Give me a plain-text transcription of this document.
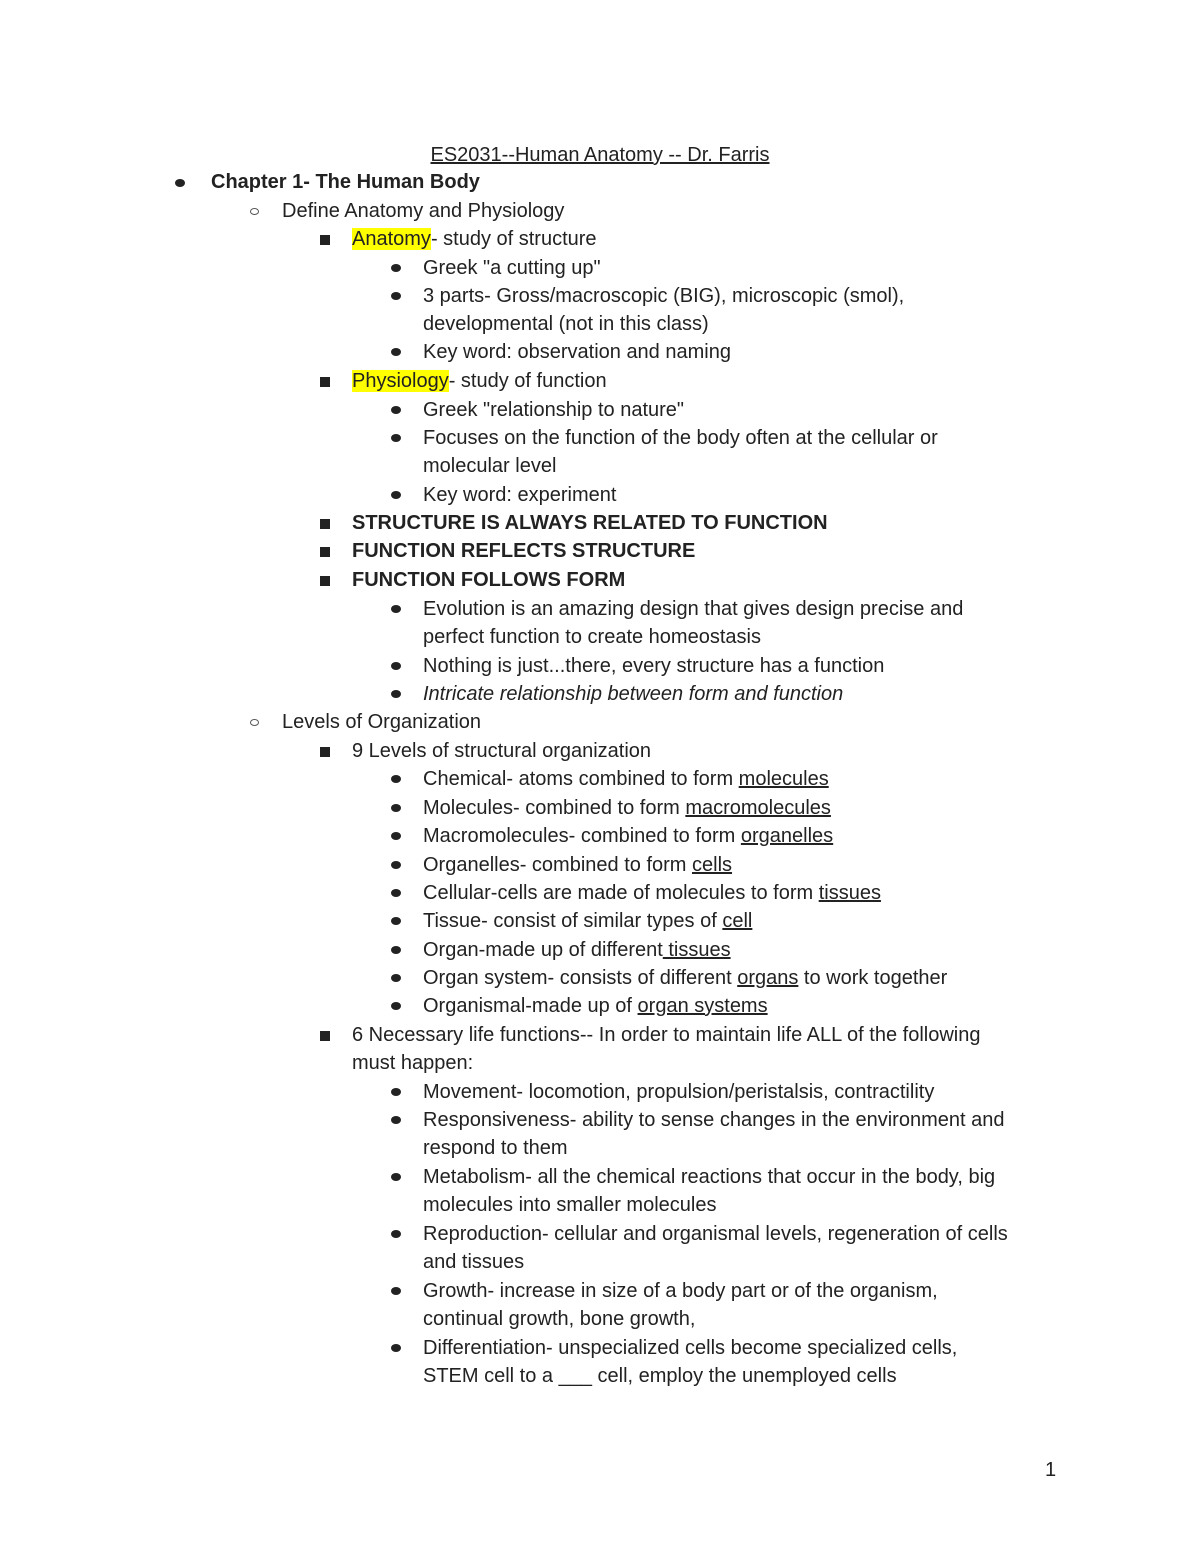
ES2031--Human Anatomy -- Dr. Farris
Chapter 1- The Human Body
Define Anatomy and Physiology
Anatomy- study of structure
Greek "a cutting up"
3 parts- Gross/macroscopic (BIG), microscopic (smol),
developmental (not in this class)
Key word: observation and naming
Physiology- study of function
Greek "relationship to nature"
Focuses on the function of the body often at the cellular or
molecular level
Key word: experiment
STRUCTURE IS ALWAYS RELATED TO FUNCTION
FUNCTION REFLECTS STRUCTURE
FUNCTION FOLLOWS FORM
Evolution is an amazing design that gives design precise and
perfect function to create homeostasis
Nothing is just...there, every structure has a function
Intricate relationship between form and function
Levels of Organization
9 Levels of structural organization
Chemical- atoms combined to form molecules
Molecules- combined to form macromolecules
Macromolecules- combined to form organelles
Organelles- combined to form cells
Cellular-cells are made of molecules to form tissues
Tissue- consist of similar types of cell
Organ-made up of different tissues
Organ system- consists of different organs to work together
Organismal-made up of organ systems
6 Necessary life functions-- In order to maintain life ALL of the following
must happen:
Movement- locomotion, propulsion/peristalsis, contractility
Responsiveness- ability to sense changes in the environment and
respond to them
Metabolism- all the chemical reactions that occur in the body, big
molecules into smaller molecules
Reproduction- cellular and organismal levels, regeneration of cells
and tissues
Growth- increase in size of a body part or of the organism,
continual growth, bone growth,
Differentiation- unspecialized cells become specialized cells,
STEM cell to a ___ cell, employ the unemployed cells
1
